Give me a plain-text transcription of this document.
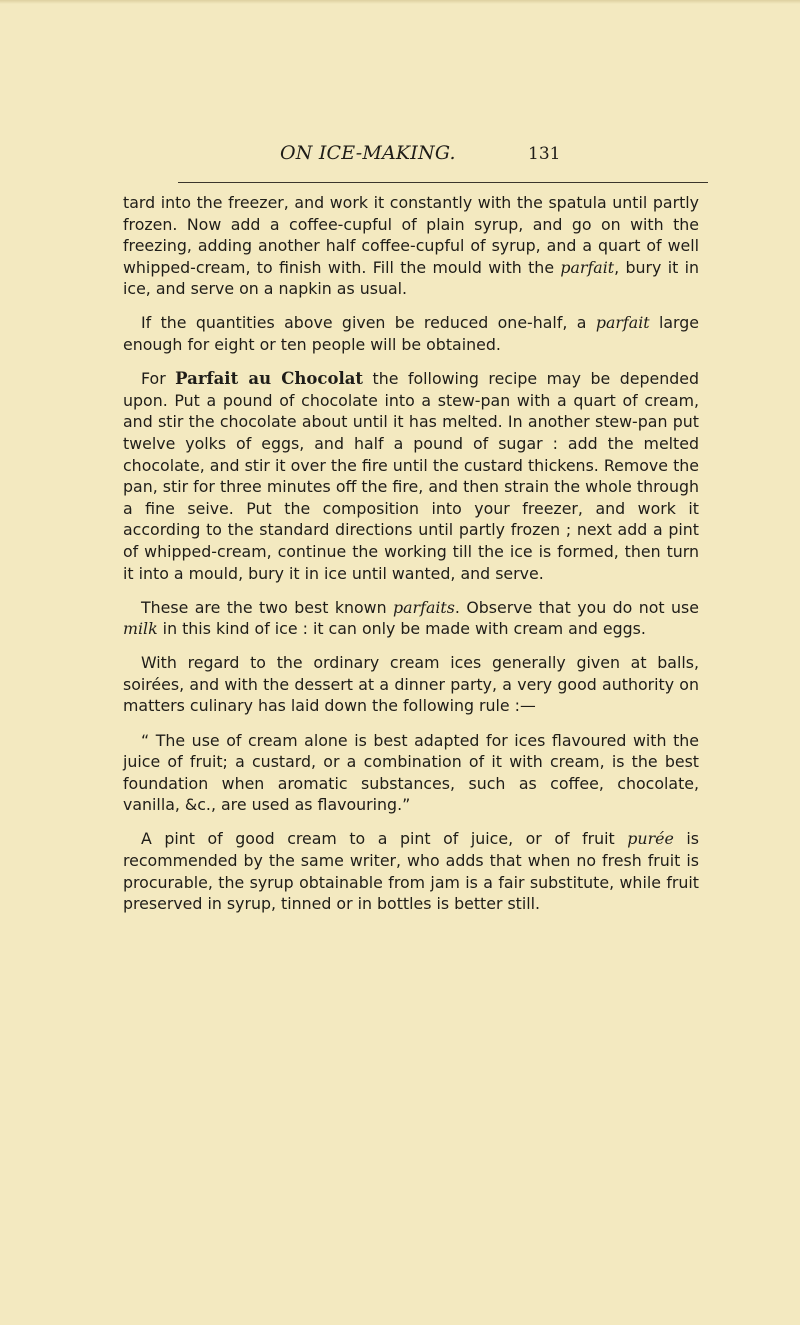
ON ICE-MAKING.	131

tard into the freezer, and work it constantly with the spatula until partly frozen. Now add a coffee-cupful of plain syrup, and go on with the freezing, adding another half coffee-cupful of syrup, and a quart of well whipped-cream, to finish with. Fill the mould with the parfait, bury it in ice, and serve on a napkin as usual.

If the quantities above given be reduced one-half, a parfait large enough for eight or ten people will be obtained.

For Parfait au Chocolat the following recipe may be depended upon. Put a pound of chocolate into a stew-pan with a quart of cream, and stir the chocolate about until it has melted. In another stew-pan put twelve yolks of eggs, and half a pound of sugar : add the melted chocolate, and stir it over the fire until the custard thickens. Remove the pan, stir for three minutes off the fire, and then strain the whole through a fine seive. Put the composition into your freezer, and work it according to the standard directions until partly frozen ; next add a pint of whipped-cream, continue the working till the ice is formed, then turn it into a mould, bury it in ice until wanted, and serve.

These are the two best known parfaits. Observe that you do not use milk in this kind of ice : it can only be made with cream and eggs.

With regard to the ordinary cream ices generally given at balls, soirées, and with the dessert at a dinner party, a very good authority on matters culinary has laid down the following rule :—

“ The use of cream alone is best adapted for ices flavoured with the juice of fruit; a custard, or a combination of it with cream, is the best foundation when aromatic substances, such as coffee, chocolate, vanilla, &c., are used as flavouring.”

A pint of good cream to a pint of juice, or of fruit purée is recommended by the same writer, who adds that when no fresh fruit is procurable, the syrup obtainable from jam is a fair substitute, while fruit preserved in syrup, tinned or in bottles is better still.
